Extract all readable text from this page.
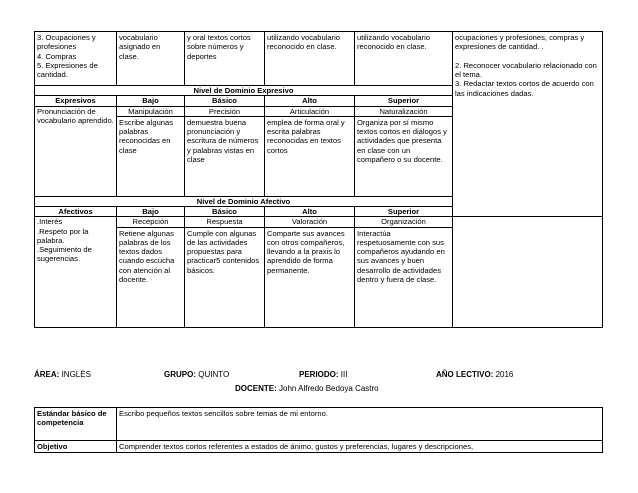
3. Ocupaciones y profesiones
4. Compras
5. Expresiones de cantidad.	vocabulario asignado en clase.	y oral textos cortos sobre números y deportes	utilizando vocabulario reconocido en clase.	utilizando vocabulario reconocido en clase.	ocupaciones y profesiones, compras y expresiones de cantidad. .

2. Reconocer vocabulario relacionado con el tema.
3. Redactar textos cortos de acuerdo con las indicaciones dadas.
Nivel de Dominio Expresivo					
Expresivos	Bajo	Básico	Alto	Superior	
Pronunciación de vocabulario aprendido.	Manipulación	Precisión	Articulación	Naturalización	
	Escribe algunas palabras reconocidas en clase	demuestra buena pronunciación y escritura de números y palabras vistas en clase	emplea de forma oral y escrita palabras reconocidas en textos cortos	Organiza por sí mismo textos cortos en diálogos y actividades que presenta en clase con un compañero o su docente.	
Nivel de Dominio Afectivo					
Afectivos	Bajo	Básico	Alto	Superior	
.Interés
.Respeto por la palabra.
.Seguimiento de sugerencias.	Recepción	Respuesta	Valoración	Organización	
	Retiene algunas palabras de los textos dados cuando escucha con atención al docente.	Cumple con algunas de las actividades propuestas para practicar5 contenidos básicos.	Comparte sus avances con otros compañeros, llevando a la praxis lo aprendido de forma permanente.	Interactúa respetuosamente con sus compañeros ayudando en sus avances y buen desarrollo de actividades dentro y fuera de clase.	
ÁREA: INGLÉS	GRUPO: QUINTO	PERIODO: III	AÑO LECTIVO: 2016
DOCENTE: John Alfredo Bedoya Castro
Estándar básico de competencia	Escribo pequeños textos sencillos sobre temas de mi entorno.
Objetivo	Comprender textos cortos referentes a estados de ánimo, gustos y preferencias, lugares y descripciones,
